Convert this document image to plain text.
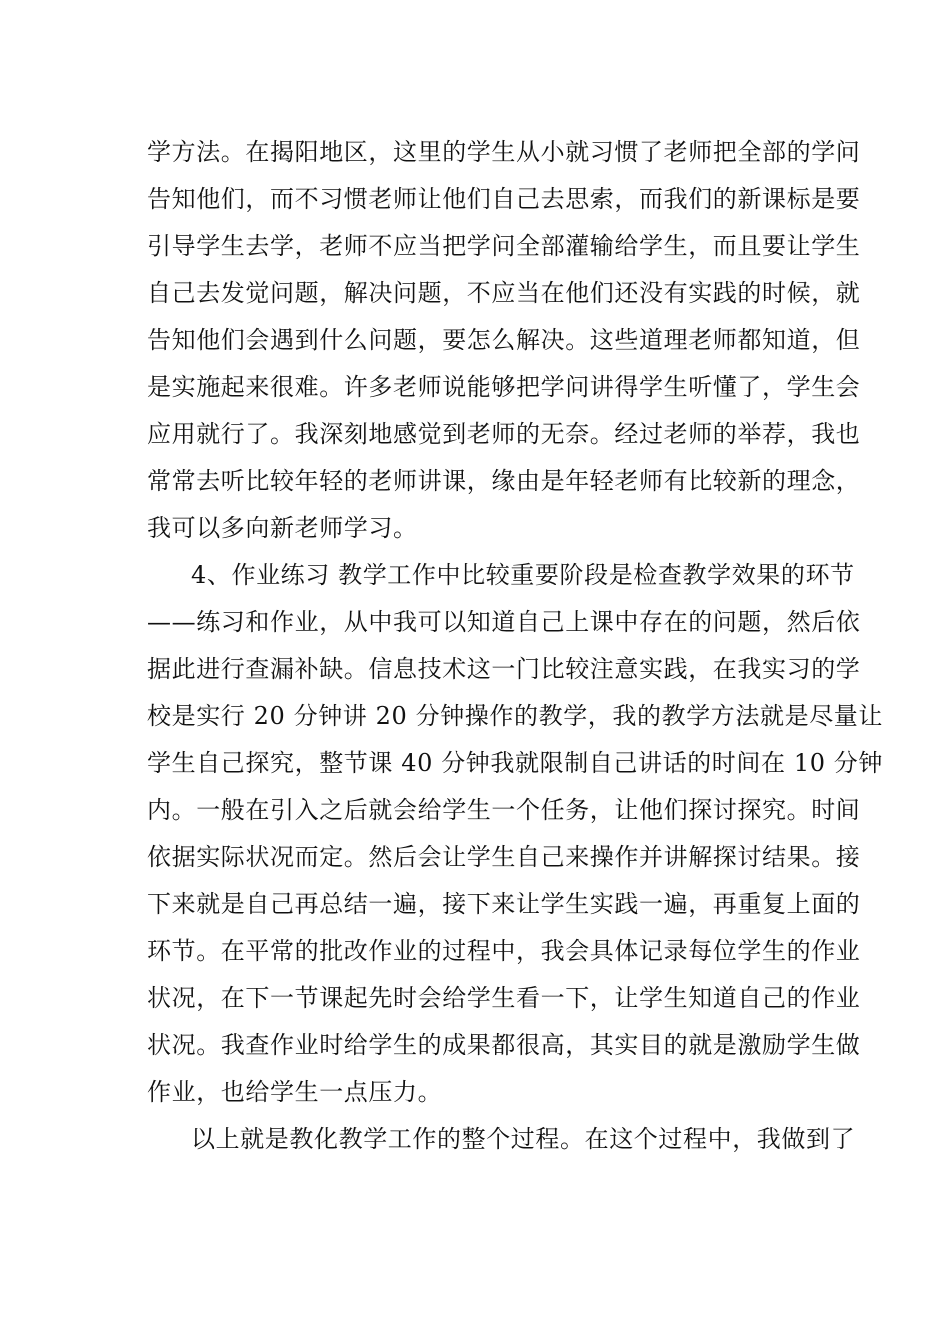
学方法。在揭阳地区，这里的学生从小就习惯了老师把全部的学问
告知他们，而不习惯老师让他们自己去思索，而我们的新课标是要
引导学生去学，老师不应当把学问全部灌输给学生，而且要让学生
自己去发觉问题，解决问题，不应当在他们还没有实践的时候，就
告知他们会遇到什么问题，要怎么解决。这些道理老师都知道，但
是实施起来很难。许多老师说能够把学问讲得学生听懂了，学生会
应用就行了。我深刻地感觉到老师的无奈。经过老师的举荐，我也
常常去听比较年轻的老师讲课，缘由是年轻老师有比较新的理念，
我可以多向新老师学习。
4、作业练习 教学工作中比较重要阶段是检查教学效果的环节
——练习和作业，从中我可以知道自己上课中存在的问题，然后依
据此进行查漏补缺。信息技术这一门比较注意实践，在我实习的学
校是实行 20 分钟讲 20 分钟操作的教学，我的教学方法就是尽量让
学生自己探究，整节课 40 分钟我就限制自己讲话的时间在 10 分钟
内。一般在引入之后就会给学生一个任务，让他们探讨探究。时间
依据实际状况而定。然后会让学生自己来操作并讲解探讨结果。接
下来就是自己再总结一遍，接下来让学生实践一遍，再重复上面的
环节。在平常的批改作业的过程中，我会具体记录每位学生的作业
状况，在下一节课起先时会给学生看一下，让学生知道自己的作业
状况。我查作业时给学生的成果都很高，其实目的就是激励学生做
作业，也给学生一点压力。
以上就是教化教学工作的整个过程。在这个过程中，我做到了
